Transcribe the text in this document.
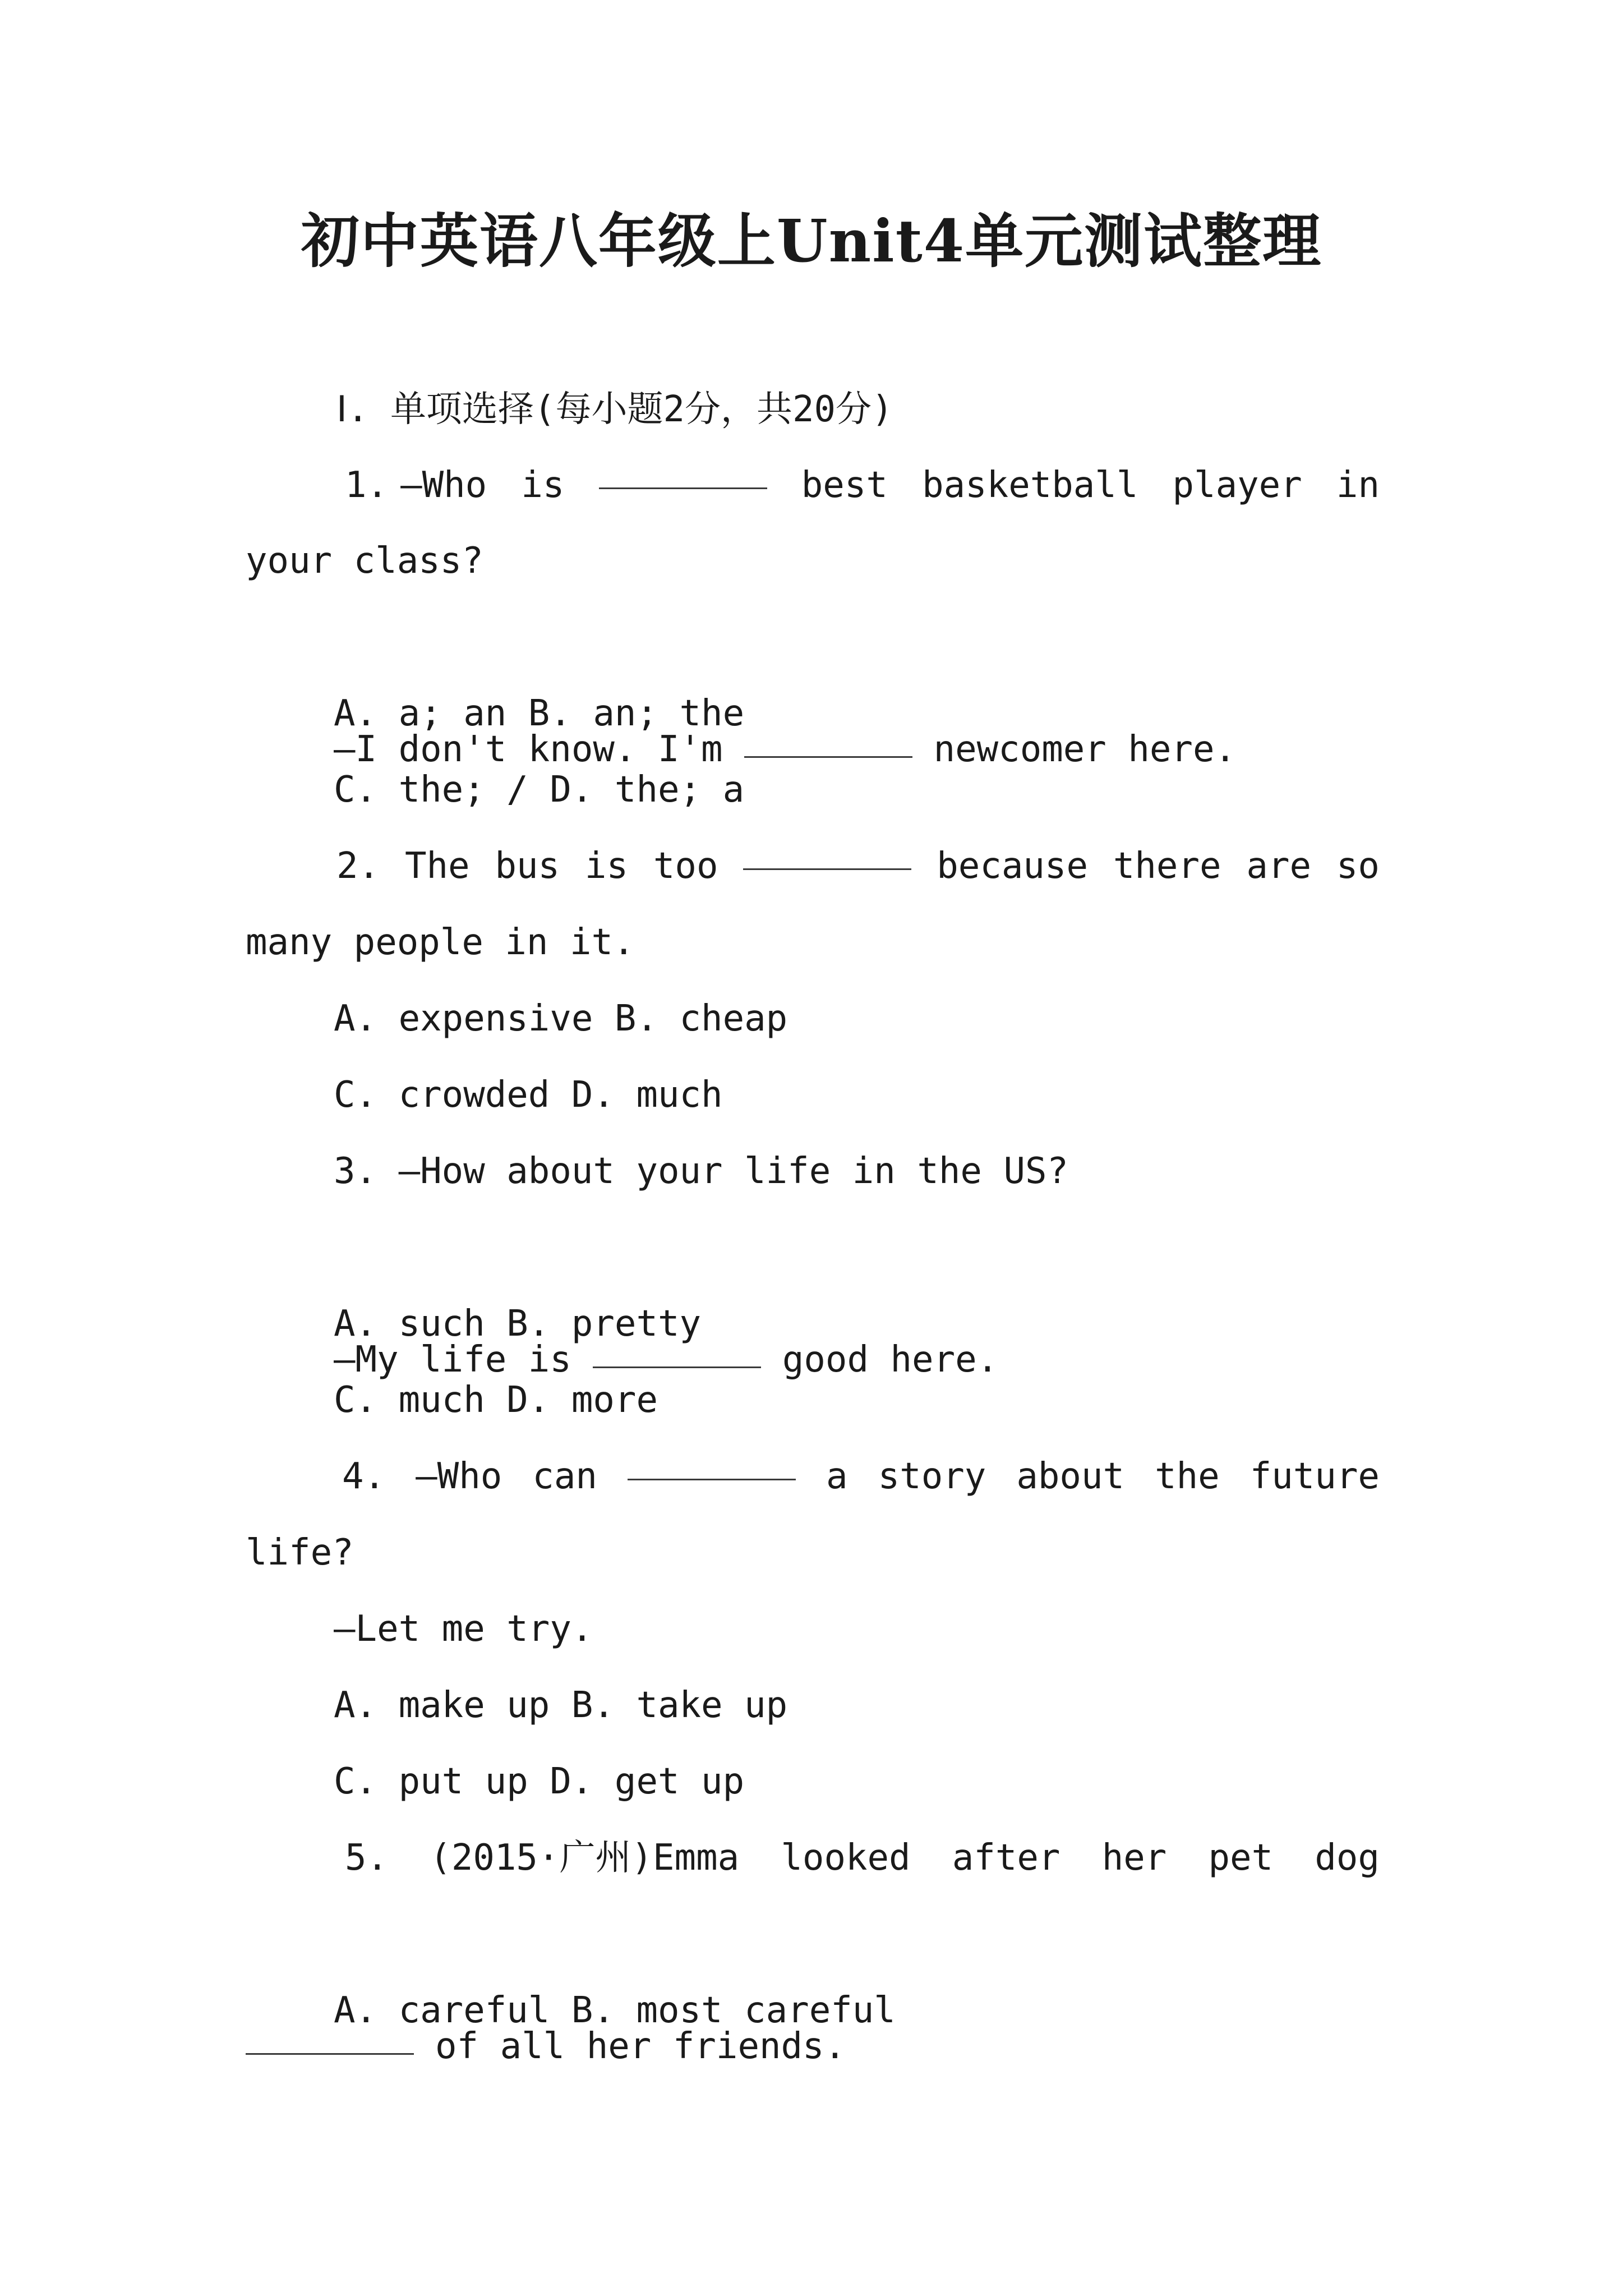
初中英语八年级上Unit4单元测试整理
Ⅰ. 单项选择(每小题2分，共20分)
1. —Who is	best basketball player in
your class?

—I don't know. I'm	newcomer here.

A. a; an B. an; the
C. the; / D. the; a
2. The bus is too	because there are so
many people in it.
A. expensive B. cheap
C. crowded D. much
3. —How about your life in the US?

—My life is	good here.

A. such B. pretty
C. much D. more
4. —Who can	a story about the future
life?
—Let me try.
A. make up B. take up
C. put up D. get up
5. (2015·广州)Emma looked after her pet dog

of all her friends.

A. careful B. most careful
